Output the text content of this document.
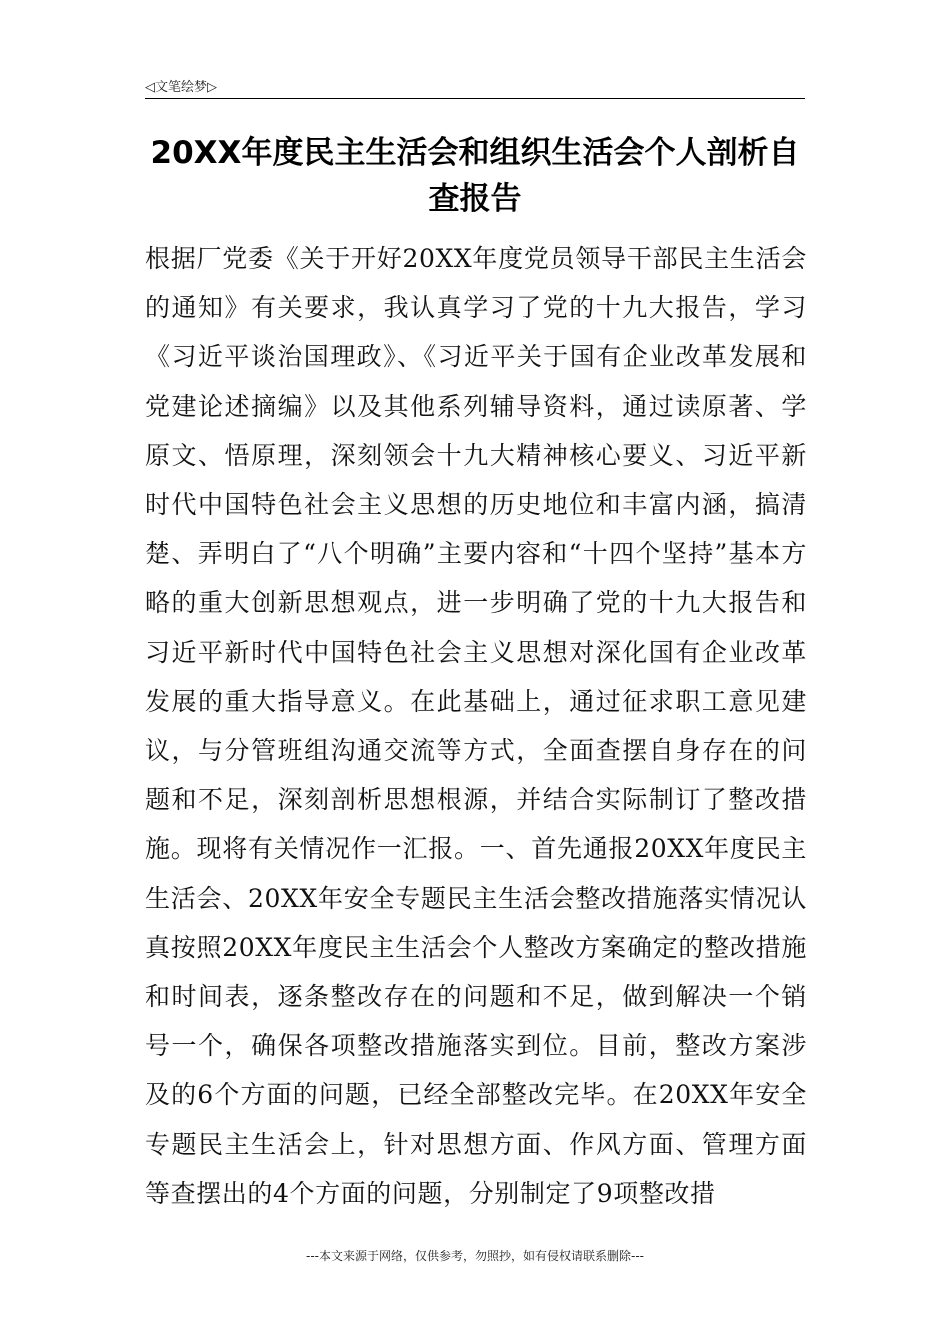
◁文笔绘梦▷
20XX年度民主生活会和组织生活会个人剖析自查报告

根据厂党委《关于开好20XX年度党员领导干部民主生活会的通知》有关要求，我认真学习了党的十九大报告，学习《习近平谈治国理政》、《习近平关于国有企业改革发展和党建论述摘编》以及其他系列辅导资料，通过读原著、学原文、悟原理，深刻领会十九大精神核心要义、习近平新时代中国特色社会主义思想的历史地位和丰富内涵，搞清楚、弄明白了“八个明确”主要内容和“十四个坚持”基本方略的重大创新思想观点，进一步明确了党的十九大报告和习近平新时代中国特色社会主义思想对深化国有企业改革发展的重大指导意义。在此基础上，通过征求职工意见建议，与分管班组沟通交流等方式，全面查摆自身存在的问题和不足，深刻剖析思想根源，并结合实际制订了整改措施。现将有关情况作一汇报。一、首先通报20XX年度民主生活会、20XX年安全专题民主生活会整改措施落实情况认真按照20XX年度民主生活会个人整改方案确定的整改措施和时间表，逐条整改存在的问题和不足，做到解决一个销号一个，确保各项整改措施落实到位。目前，整改方案涉及的6个方面的问题，已经全部整改完毕。在20XX年安全专题民主生活会上，针对思想方面、作风方面、管理方面等查摆出的4个方面的问题，分别制定了9项整改措

---本文来源于网络，仅供参考，勿照抄，如有侵权请联系删除---
